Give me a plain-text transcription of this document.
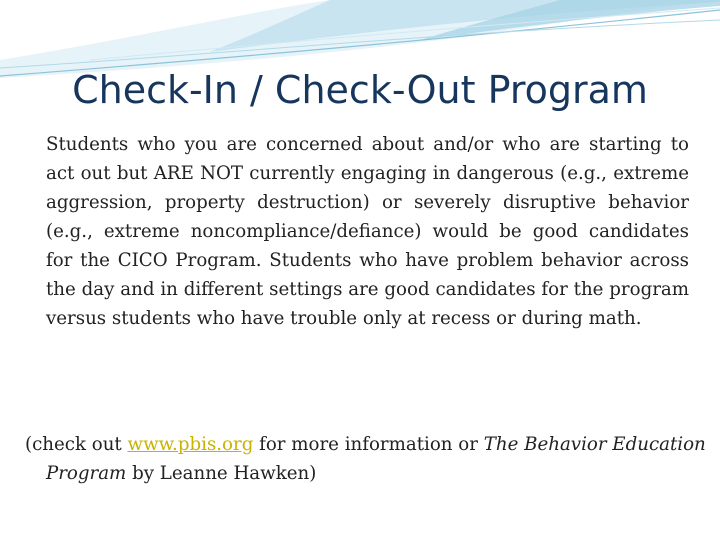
Check-In / Check-Out Program

Students who you are concerned about and/or who are starting to act out but ARE NOT currently engaging in dangerous (e.g., extreme aggression, property destruction) or severely disruptive behavior (e.g., extreme noncompliance/defiance) would be good candidates for the CICO Program. Students who have problem behavior across the day and in different settings are good candidates for the program versus students who have trouble only at recess or during math.

(check out www.pbis.org for more information or The Behavior Education Program by Leanne Hawken)
